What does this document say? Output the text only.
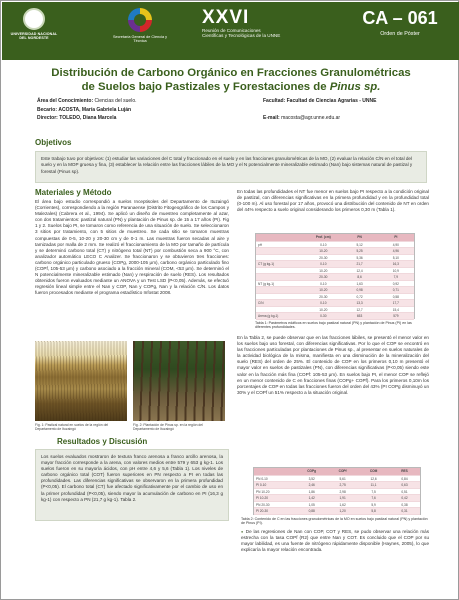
UNIVERSIDAD NACIONAL DEL NORDESTE	Secretaría General de Ciencia y Técnica
XXVI
Reunión de Comunicaciones
Científicas y Tecnológicas de la UNNE
CA – 061
Orden de Póster
Distribución de Carbono Orgánico en Fracciones Granulométricas
de Suelos bajo Pastizales y Forestaciones de Pinus sp.
Área del Conocimiento: Ciencias del suelo.
Becario: ACOSTA, María Gabriela Luján
Director: TOLEDO, Diana Marcela
Facultad: Facultad de Ciencias Agrarias - UNNE
E-mail: macosta@agr.unne.edu.ar
Objetivos
Este trabajo tuvo por objetivos: (1) estudiar las variaciones del C total y fraccionado en el suelo y en las fracciones granulométricas de la MO, (2) evaluar la relación C/N en el total del suelo y en la MOP gruesa y fina, (3) establecer la relación entre las fracciones lábiles de la MO y el N potencialmente mineralizable estimado (Nan) bajo sistemas natural de pastizal y forestal (Pinus sp).
Materiales y Método
El área bajo estudio correspondió a suelos Inceptisoles del Departamento de Ituzaingó (Corrientes), correspondiendo a la región Paranaense (Distrito Fitogeográfico de los Campos y Malezales) (Cabrera et al., 1994). Se aplicó un diseño de muestreo completamente al azar, con dos tratamientos: pastizal natural (PN) y plantación de Pinus sp. de 15 a 17 años (PI). Fig 1 y 2. Suelos bajo PI, se tomaron como referencia de una situación de suelo. Se seleccionaron 3 sitios por tratamiento, con 5 sitios de muestreo. Se cada sitio se tomaron muestras compuestas de 0-5, 10-20 y 20-30 cm y de 0-1 m. Las muestras fueron secadas al aire y tamizadas por malla de 2 mm. Se realizó el fraccionamiento de la MO por tamaño de partícula y se determinó carbono total (CT) y nitrógeno total (NT) por combustión seca a 900 °C, con analizador automático LECO C Analizer. Se fraccionaron y se obtuvieron tres fracciones: carbono orgánico particulado grueso (COPg, 2000-105 μm), carbono orgánico particulado fino (COPf, 105-53 μm) y carbono asociado a la fracción mineral (COM, <53 μm). Se determinó el N potencialmente mineralizable estimado (Nan) y respiración de suelo (RES). Los resultados obtenidos fueron evaluados mediante un ANOVA y un Test LSD (P<0,05). Además, se efectuó regresión lineal simple entre el Nan y COP, Nan y COPg, Nan y la relación C/N. Los datos fueron procesados mediante el programa estadístico Infostat 2008.
Fig. 1: Pastizal natural en suelos de la región del Departamento de Ituzaingó
Fig. 2: Plantación de Pinus sp. en la región del Departamento de Ituzaingó
Resultados y Discusión
Los suelos evaluados mostraron de textura franco arenosa a franco arcillo arenosa, la mayor fracción corresponde a la arena, con valores medios entre 579 y 653 g kg-1. Los suelos fueron en su mayoría ácidos, con pH entre 4,6 y 5,6 (Tabla 1). Los niveles de carbono orgánico total (COT) fueron superiores en PN respecto a PI en todas las profundidades. Las diferencias significativas se observaron en la primera profundidad (P<0,05). El carbono total (CT) fue afectado significativamente por el cambio de uso en la primer profundidad (P<0,05), siendo mayor la acumulación de carbono en PI (16,3 g kg-1) con respecto a PN (21,7 g kg-1). Tabla 2.
En todas las profundidades el NT fue menor en suelos bajo PI respecto a la condición original de pastizal, con diferencias significativas en la primera profundidad y en la profundidad total (0-100 m). Al uso forestal por 17 años, provocó una distribución del contenido de NT en orden del 44% respecto a suelo original considerando los primeros 0,30 m (Tabla 1).
Prof. (cm)	PN	PI
pH	0-10	5,12	4,90
10-20	5,25	4,96
20-30	5,36	5,10
CT (g kg-1)	0-10	21,7	16,3
10-20	12,4	10,9
20-30	8,6	7,9
NT (g kg-1)	0-10	1,63	0,92
10-20	0,98	0,71
20-30	0,72	0,58
C/N	0-10	13,3	17,7
10-20	12,7	15,4
Arena (g kg-1)	0-30	653	579
Tabla 1: Parámetros edáficos en suelos bajo pastizal natural (PN) y plantación de Pinus (PI) en las diferentes profundidades.
En la Tabla 2, se puede observar que en las fracciones lábiles, se presentó el menor valor en los suelos bajo uso forestal, con diferencias significativas. Por lo que el COP se encontró en las fracciones particuladas por plantaciones de Pinus sp., al presentar en suelos naturales de la actividad biológica de la misma, manifiesta en una disminución de la mineralización del suelo (RES) del orden de 25%. El contenido de COP en los primeros 0,10 m presentó el mayor valor en suelos de pastizales (PN), con diferencias significativas (P<0,05) siendo este valor en la fracción más fina (COPf: 105-53 μm). En suelos bajo PI, el menor COP se reflejó en un menor contenido de C en fracciones finas (COPg+ COPf). Para los primeros 0,10m los porcentajes de COP en todas las fracciones fueron del orden del 43% (PI COPg disminuyó un 30% y el COPf un 51% respecto a la situación original.
COPg	COPf	COM	RES
PN 0-10	3,52	5,61	12,6	0,84
PI 0-10	2,46	2,75	11,1	0,63
PN 10-20	1,86	2,98	7,5	0,51
PI 10-20	1,42	1,91	7,6	0,42
PN 20-30	1,05	1,62	5,9	0,38
PI 20-30	0,88	1,20	5,8	0,31
Tabla 2: Contenido de C en las fracciones granulométricas de la MO en suelos bajo pastizal natural (PN) y plantación de Pinus (PI).
● De las regresiones de Nan con COP, COT y RES, se pudo observar una relación más estrecha con la tasa COPf (R2) que entre Nan y COT. Es concluido que el COP por su mayor labilidad, es una fuente de nitrógeno rápidamente disponible (Haynes, 2005), lo que explicaría la mayor relación encontrada.
